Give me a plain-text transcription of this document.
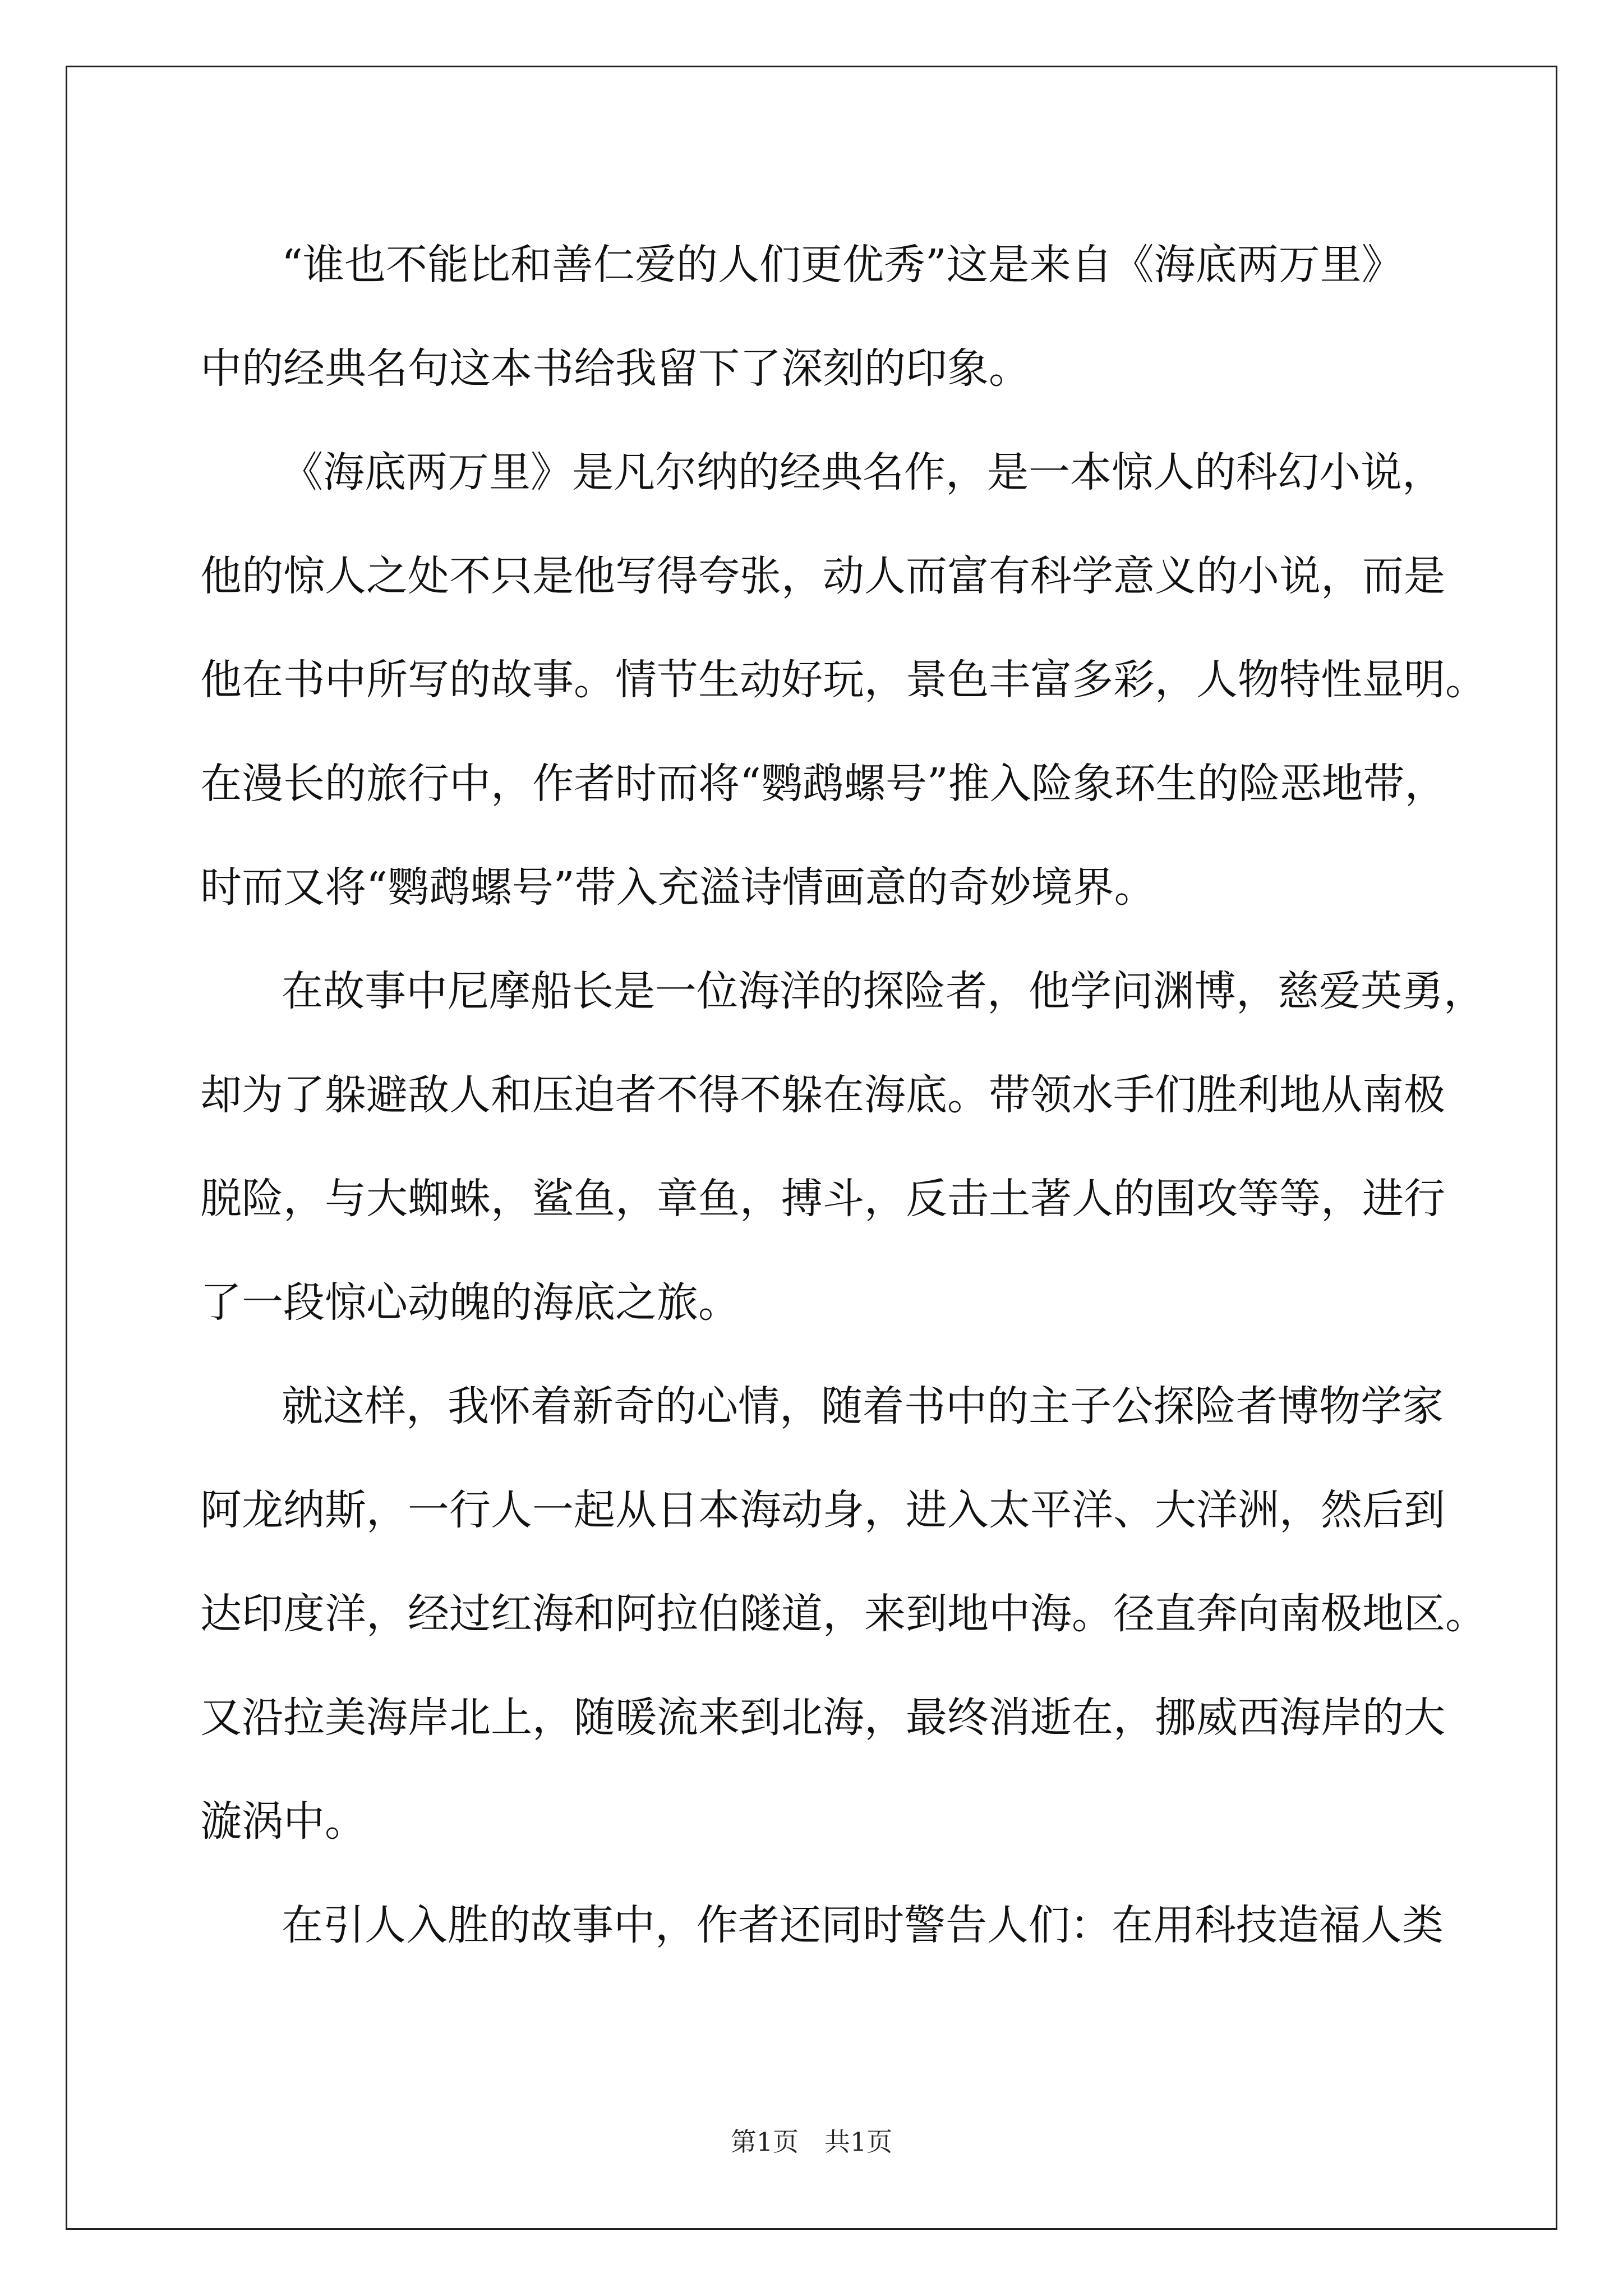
“谁也不能比和善仁爱的人们更优秀”这是来自《海底两万里》

中的经典名句这本书给我留下了深刻的印象。

《海底两万里》是凡尔纳的经典名作，是一本惊人的科幻小说，

他的惊人之处不只是他写得夸张，动人而富有科学意义的小说，而是

他在书中所写的故事。情节生动好玩，景色丰富多彩，人物特性显明。

在漫长的旅行中，作者时而将“鹦鹉螺号”推入险象环生的险恶地带，

时而又将“鹦鹉螺号”带入充溢诗情画意的奇妙境界。

在故事中尼摩船长是一位海洋的探险者，他学问渊博，慈爱英勇，

却为了躲避敌人和压迫者不得不躲在海底。带领水手们胜利地从南极

脱险，与大蜘蛛，鲨鱼，章鱼，搏斗，反击土著人的围攻等等，进行

了一段惊心动魄的海底之旅。

就这样，我怀着新奇的心情，随着书中的主子公探险者博物学家

阿龙纳斯，一行人一起从日本海动身，进入太平洋、大洋洲，然后到

达印度洋，经过红海和阿拉伯隧道，来到地中海。径直奔向南极地区。

又沿拉美海岸北上，随暖流来到北海，最终消逝在，挪威西海岸的大

漩涡中。

在引人入胜的故事中，作者还同时警告人们：在用科技造福人类

第1页　共1页
